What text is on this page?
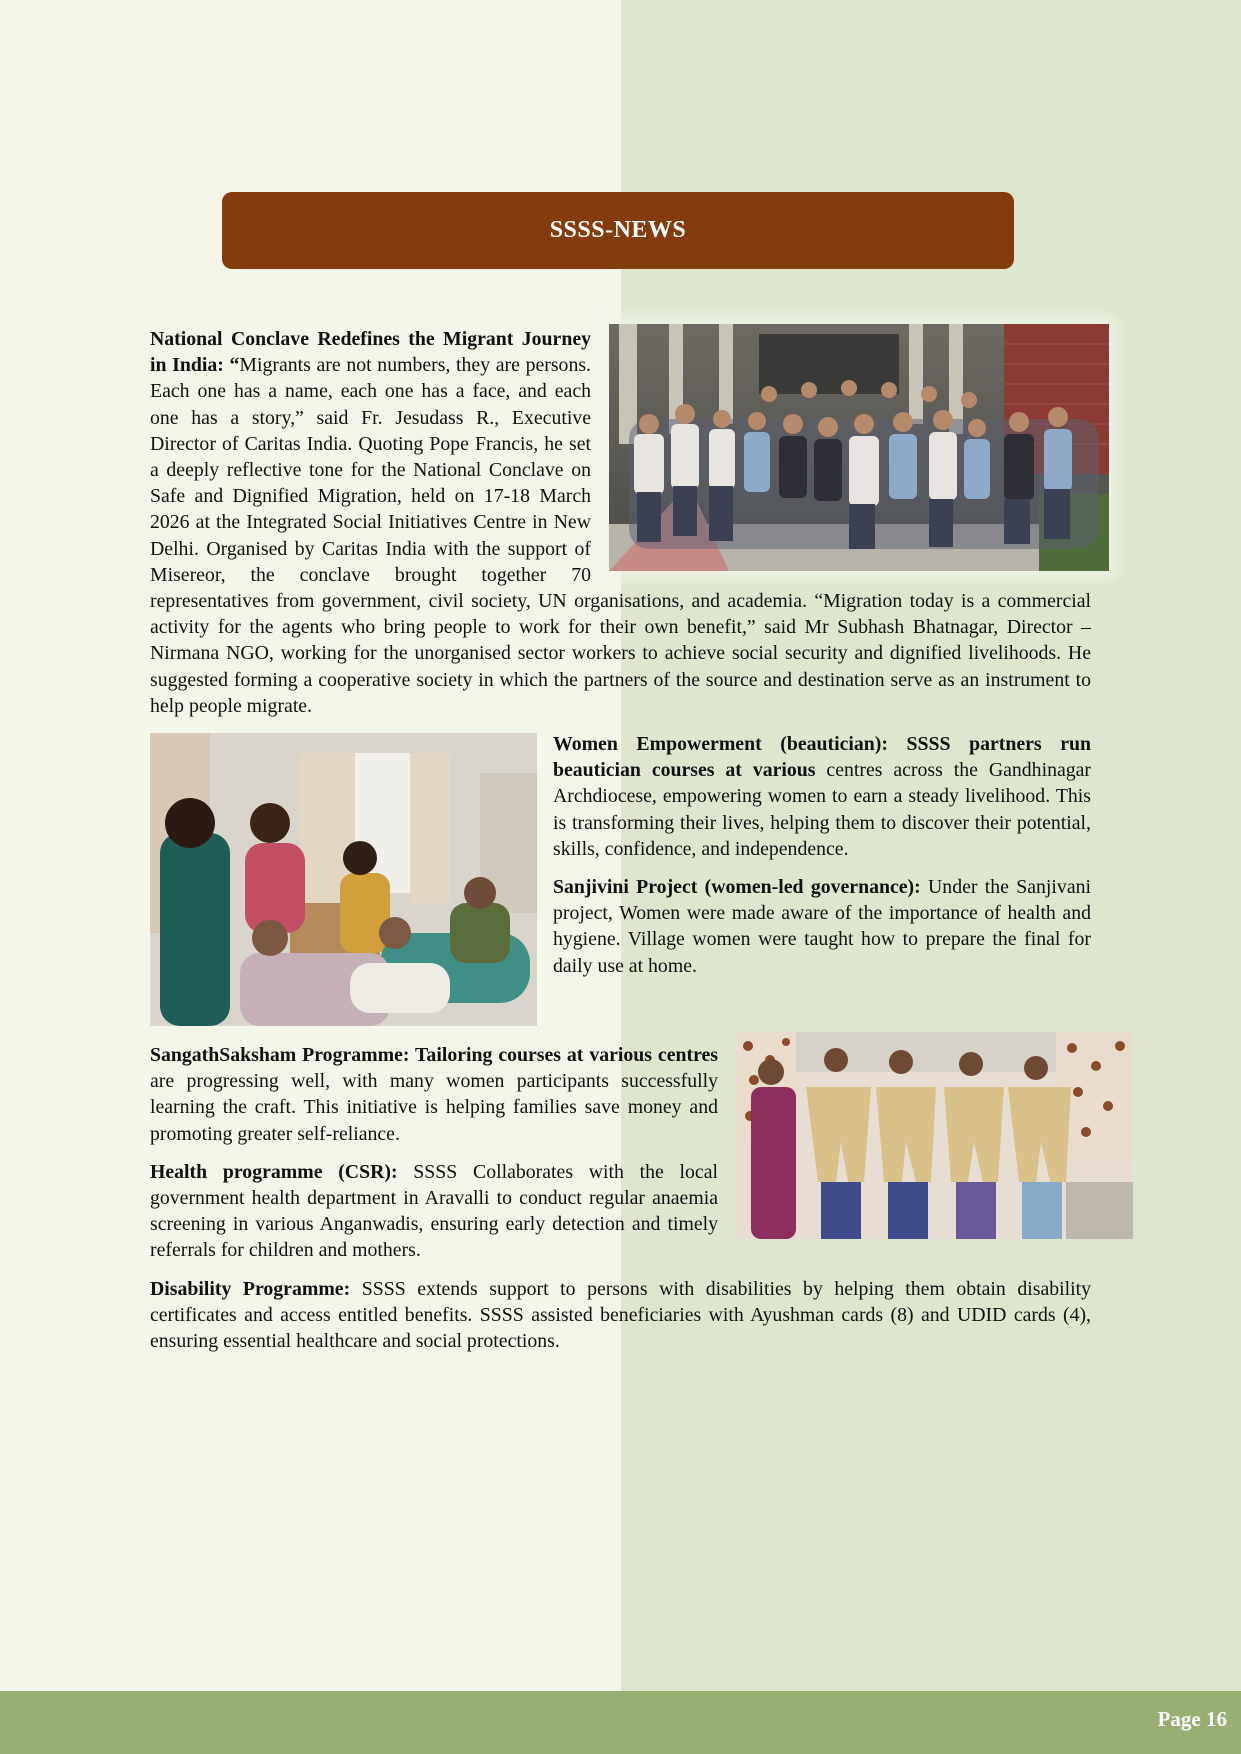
SSSS-NEWS

National Conclave Redefines the Migrant Journey in India: “Migrants are not numbers, they are persons. Each one has a name, each one has a face, and each one has a story,” said Fr. Jesudass R., Executive Director of Caritas India. Quoting Pope Francis, he set a deeply reflective tone for the National Conclave on Safe and Dignified Migration, held on 17-18 March 2026 at the Integrated Social Initiatives Centre in New Delhi. Organised by Caritas India with the support of Misereor, the conclave brought together 70 representatives from government, civil society, UN organisations, and academia. “Migration today is a commercial activity for the agents who bring people to work for their own benefit,” said Mr Subhash Bhatnagar, Director – Nirmana NGO, working for the unorganised sector workers to achieve social security and dignified livelihoods. He suggested forming a cooperative society in which the partners of the source and destination serve as an instrument to help people migrate.

Women Empowerment (beautician): SSSS partners run beautician courses at various centres across the Gandhinagar Archdiocese, empowering women to earn a steady livelihood. This is transforming their lives, helping them to discover their potential, skills, confidence, and independence.

Sanjivini Project (women-led governance): Under the Sanjivani project, Women were made aware of the importance of health and hygiene. Village women were taught how to prepare the final for daily use at home.

SangathSaksham Programme: Tailoring courses at various centres are progressing well, with many women participants successfully learning the craft. This initiative is helping families save money and promoting greater self-reliance.

Health programme (CSR): SSSS Collaborates with the local government health department in Aravalli to conduct regular anaemia screening in various Anganwadis, ensuring early detection and timely referrals for children and mothers.

Disability Programme: SSSS extends support to persons with disabilities by helping them obtain disability certificates and access entitled benefits. SSSS assisted beneficiaries with Ayushman cards (8) and UDID cards (4), ensuring essential healthcare and social protections.

Page 16
